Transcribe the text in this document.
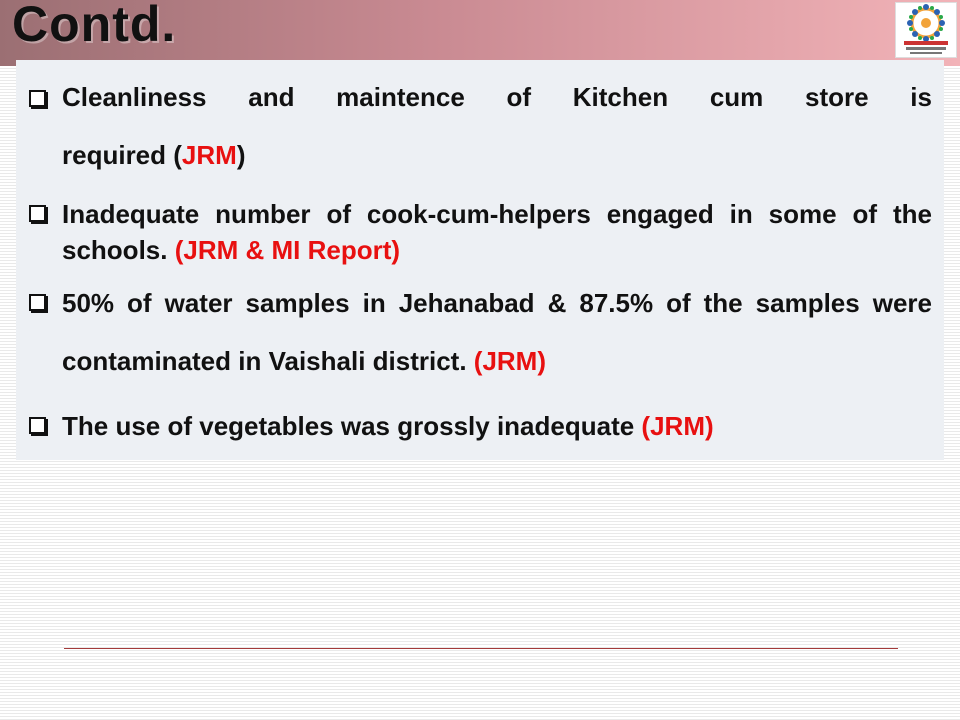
Contd.
Cleanliness and maintence of Kitchen cum store is
required (JRM)
Inadequate number of cook-cum-helpers engaged in some of the schools. (JRM & MI Report)
50% of water samples in Jehanabad & 87.5% of the samples were contaminated in Vaishali district. (JRM)
The use of vegetables was grossly inadequate (JRM)
